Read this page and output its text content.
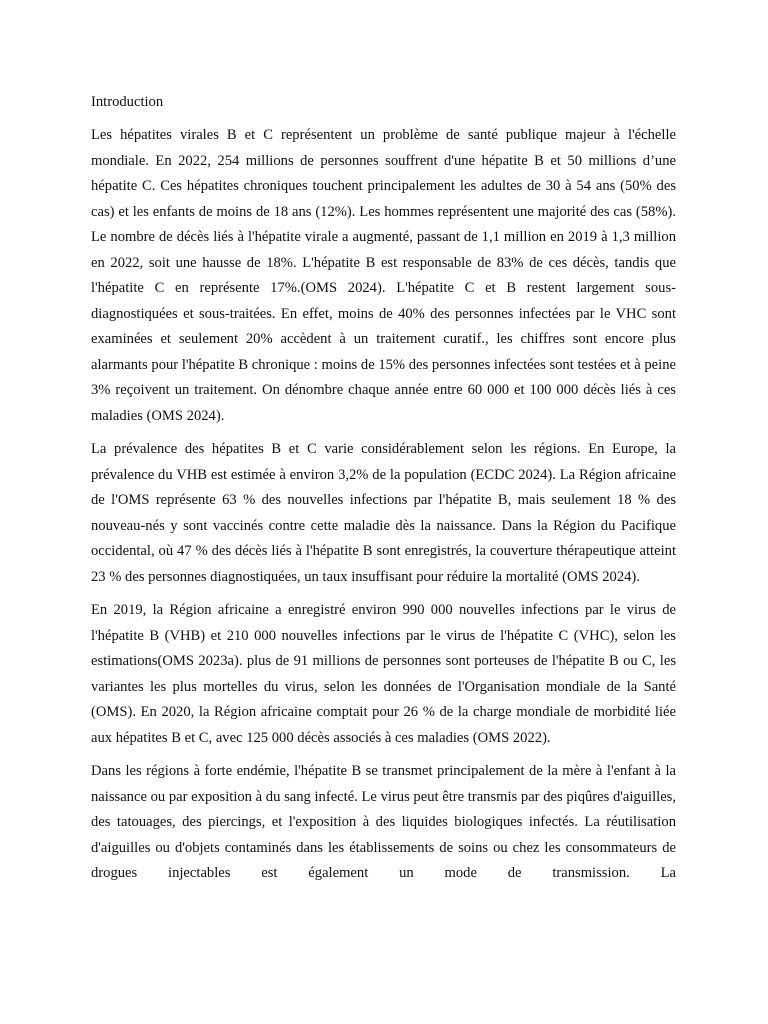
Introduction

Les hépatites virales B et C représentent un problème de santé publique majeur à l'échelle mondiale. En 2022, 254 millions de personnes souffrent d'une hépatite B et 50 millions d’une hépatite C. Ces hépatites chroniques touchent principalement les adultes de 30 à 54 ans (50% des cas) et les enfants de moins de 18 ans (12%). Les hommes représentent une majorité des cas (58%). Le nombre de décès liés à l'hépatite virale a augmenté, passant de 1,1 million en 2019 à 1,3 million en 2022, soit une hausse de 18%. L'hépatite B est responsable de 83% de ces décès, tandis que l'hépatite C en représente 17%.(OMS 2024). L'hépatite C et B restent largement sous-diagnostiquées et sous-traitées. En effet, moins de 40% des personnes infectées par le VHC sont examinées et seulement 20% accèdent à un traitement curatif., les chiffres sont encore plus alarmants pour l'hépatite B chronique : moins de 15% des personnes infectées sont testées et à peine 3% reçoivent un traitement. On dénombre chaque année entre 60 000 et 100 000 décès liés à ces maladies (OMS 2024).

La prévalence des hépatites B et C varie considérablement selon les régions. En Europe, la prévalence du VHB est estimée à environ 3,2% de la population (ECDC 2024). La Région africaine de l'OMS représente 63 % des nouvelles infections par l'hépatite B, mais seulement 18 % des nouveau-nés y sont vaccinés contre cette maladie dès la naissance. Dans la Région du Pacifique occidental, où 47 % des décès liés à l'hépatite B sont enregistrés, la couverture thérapeutique atteint 23 % des personnes diagnostiquées, un taux insuffisant pour réduire la mortalité (OMS 2024).

En 2019, la Région africaine a enregistré environ 990 000 nouvelles infections par le virus de l'hépatite B (VHB) et 210 000 nouvelles infections par le virus de l'hépatite C (VHC), selon les estimations(OMS 2023a). plus de 91 millions de personnes sont porteuses de l'hépatite B ou C, les variantes les plus mortelles du virus, selon les données de l'Organisation mondiale de la Santé (OMS). En 2020, la Région africaine comptait pour 26 % de la charge mondiale de morbidité liée aux hépatites B et C, avec 125 000 décès associés à ces maladies (OMS 2022).

Dans les régions à forte endémie, l'hépatite B se transmet principalement de la mère à l'enfant à la naissance ou par exposition à du sang infecté. Le virus peut être transmis par des piqûres d'aiguilles, des tatouages, des piercings, et l'exposition à des liquides biologiques infectés. La réutilisation d'aiguilles ou d'objets contaminés dans les établissements de soins ou chez les consommateurs de drogues injectables est également un mode de transmission. La
